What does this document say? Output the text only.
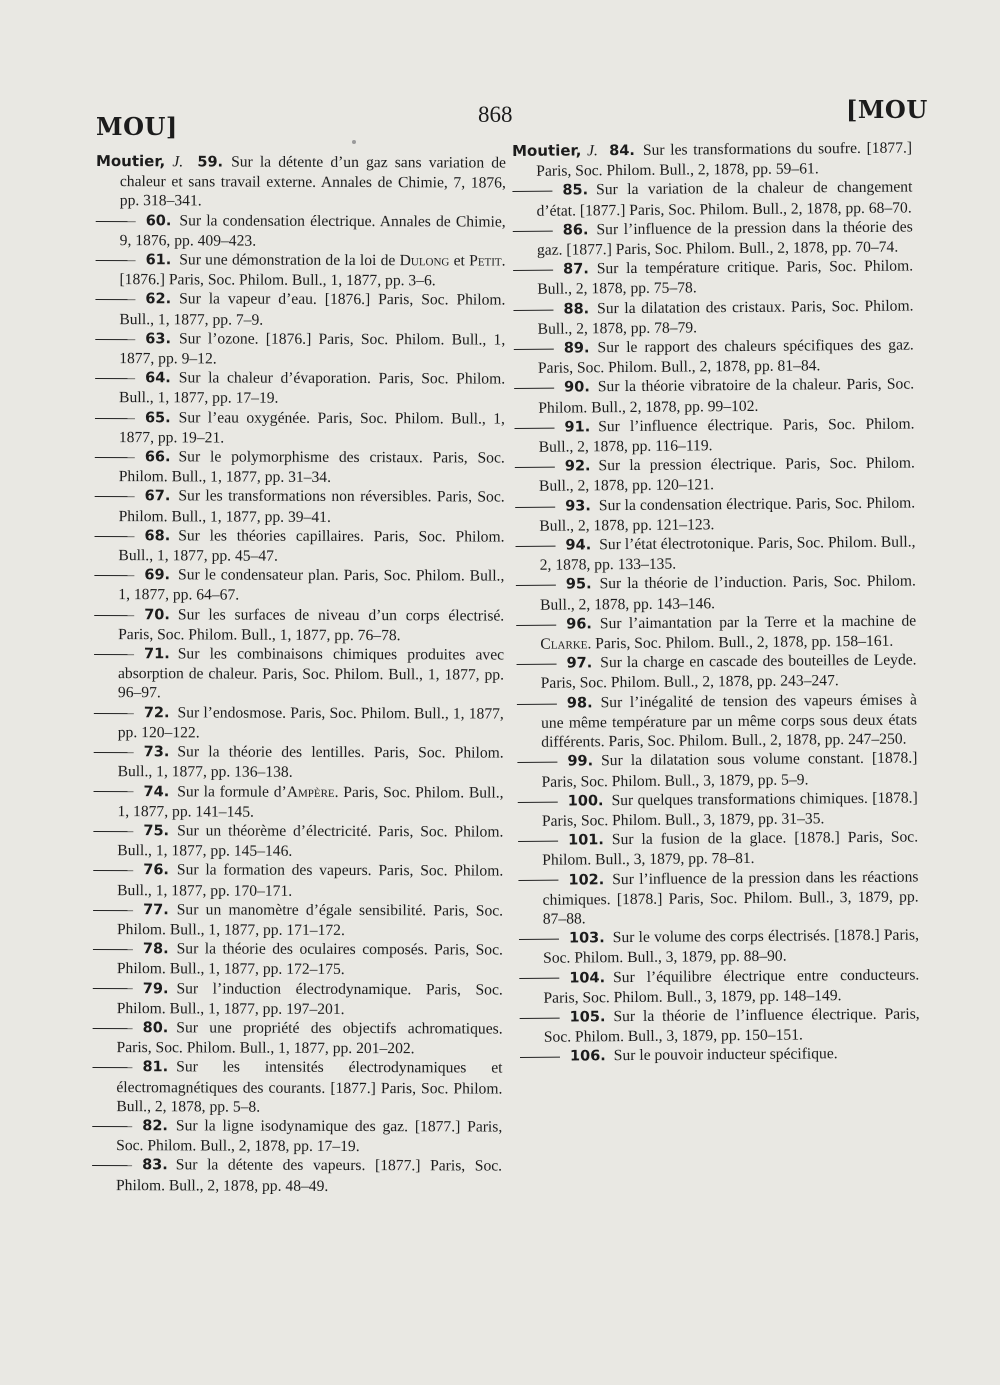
MOU]	868	[MOU

Moutier, J. 59. Sur la détente d’un gaz sans variation de chaleur et sans travail externe. Annales de Chimie, 7, 1876, pp. 318–341.

60. Sur la condensation électrique. Annales de Chimie, 9, 1876, pp. 409–423.

61. Sur une démonstration de la loi de Dulong et Petit. [1876.] Paris, Soc. Philom. Bull., 1, 1877, pp. 3–6.

62. Sur la vapeur d’eau. [1876.] Paris, Soc. Philom. Bull., 1, 1877, pp. 7–9.

63. Sur l’ozone. [1876.] Paris, Soc. Philom. Bull., 1, 1877, pp. 9–12.

64. Sur la chaleur d’évaporation. Paris, Soc. Philom. Bull., 1, 1877, pp. 17–19.

65. Sur l’eau oxygénée. Paris, Soc. Philom. Bull., 1, 1877, pp. 19–21.

66. Sur le polymorphisme des cristaux. Paris, Soc. Philom. Bull., 1, 1877, pp. 31–34.

67. Sur les transformations non réversibles. Paris, Soc. Philom. Bull., 1, 1877, pp. 39–41.

68. Sur les théories capillaires. Paris, Soc. Philom. Bull., 1, 1877, pp. 45–47.

69. Sur le condensateur plan. Paris, Soc. Philom. Bull., 1, 1877, pp. 64–67.

70. Sur les surfaces de niveau d’un corps électrisé. Paris, Soc. Philom. Bull., 1, 1877, pp. 76–78.

71. Sur les combinaisons chimiques produites avec absorption de chaleur. Paris, Soc. Philom. Bull., 1, 1877, pp. 96–97.

72. Sur l’endosmose. Paris, Soc. Philom. Bull., 1, 1877, pp. 120–122.

73. Sur la théorie des lentilles. Paris, Soc. Philom. Bull., 1, 1877, pp. 136–138.

74. Sur la formule d’Ampère. Paris, Soc. Philom. Bull., 1, 1877, pp. 141–145.

75. Sur un théorème d’électricité. Paris, Soc. Philom. Bull., 1, 1877, pp. 145–146.

76. Sur la formation des vapeurs. Paris, Soc. Philom. Bull., 1, 1877, pp. 170–171.

77. Sur un manomètre d’égale sensibilité. Paris, Soc. Philom. Bull., 1, 1877, pp. 171–172.

78. Sur la théorie des oculaires composés. Paris, Soc. Philom. Bull., 1, 1877, pp. 172–175.

79. Sur l’induction électrodynamique. Paris, Soc. Philom. Bull., 1, 1877, pp. 197–201.

80. Sur une propriété des objectifs achromatiques. Paris, Soc. Philom. Bull., 1, 1877, pp. 201–202.

81. Sur les intensités électrodynamiques et électromagnétiques des courants. [1877.] Paris, Soc. Philom. Bull., 2, 1878, pp. 5–8.

82. Sur la ligne isodynamique des gaz. [1877.] Paris, Soc. Philom. Bull., 2, 1878, pp. 17–19.

83. Sur la détente des vapeurs. [1877.] Paris, Soc. Philom. Bull., 2, 1878, pp. 48–49.

Moutier, J. 84. Sur les transformations du soufre. [1877.] Paris, Soc. Philom. Bull., 2, 1878, pp. 59–61.

85. Sur la variation de la chaleur de changement d’état. [1877.] Paris, Soc. Philom. Bull., 2, 1878, pp. 68–70.

86. Sur l’influence de la pression dans la théorie des gaz. [1877.] Paris, Soc. Philom. Bull., 2, 1878, pp. 70–74.

87. Sur la température critique. Paris, Soc. Philom. Bull., 2, 1878, pp. 75–78.

88. Sur la dilatation des cristaux. Paris, Soc. Philom. Bull., 2, 1878, pp. 78–79.

89. Sur le rapport des chaleurs spécifiques des gaz. Paris, Soc. Philom. Bull., 2, 1878, pp. 81–84.

90. Sur la théorie vibratoire de la chaleur. Paris, Soc. Philom. Bull., 2, 1878, pp. 99–102.

91. Sur l’influence électrique. Paris, Soc. Philom. Bull., 2, 1878, pp. 116–119.

92. Sur la pression électrique. Paris, Soc. Philom. Bull., 2, 1878, pp. 120–121.

93. Sur la condensation électrique. Paris, Soc. Philom. Bull., 2, 1878, pp. 121–123.

94. Sur l’état électrotonique. Paris, Soc. Philom. Bull., 2, 1878, pp. 133–135.

95. Sur la théorie de l’induction. Paris, Soc. Philom. Bull., 2, 1878, pp. 143–146.

96. Sur l’aimantation par la Terre et la machine de Clarke. Paris, Soc. Philom. Bull., 2, 1878, pp. 158–161.

97. Sur la charge en cascade des bouteilles de Leyde. Paris, Soc. Philom. Bull., 2, 1878, pp. 243–247.

98. Sur l’inégalité de tension des vapeurs émises à une même température par un même corps sous deux états différents. Paris, Soc. Philom. Bull., 2, 1878, pp. 247–250.

99. Sur la dilatation sous volume constant. [1878.] Paris, Soc. Philom. Bull., 3, 1879, pp. 5–9.

100. Sur quelques transformations chimiques. [1878.] Paris, Soc. Philom. Bull., 3, 1879, pp. 31–35.

101. Sur la fusion de la glace. [1878.] Paris, Soc. Philom. Bull., 3, 1879, pp. 78–81.

102. Sur l’influence de la pression dans les réactions chimiques. [1878.] Paris, Soc. Philom. Bull., 3, 1879, pp. 87–88.

103. Sur le volume des corps électrisés. [1878.] Paris, Soc. Philom. Bull., 3, 1879, pp. 88–90.

104. Sur l’équilibre électrique entre conducteurs. Paris, Soc. Philom. Bull., 3, 1879, pp. 148–149.

105. Sur la théorie de l’influence électrique. Paris, Soc. Philom. Bull., 3, 1879, pp. 150–151.

106. Sur le pouvoir inducteur spécifique.
